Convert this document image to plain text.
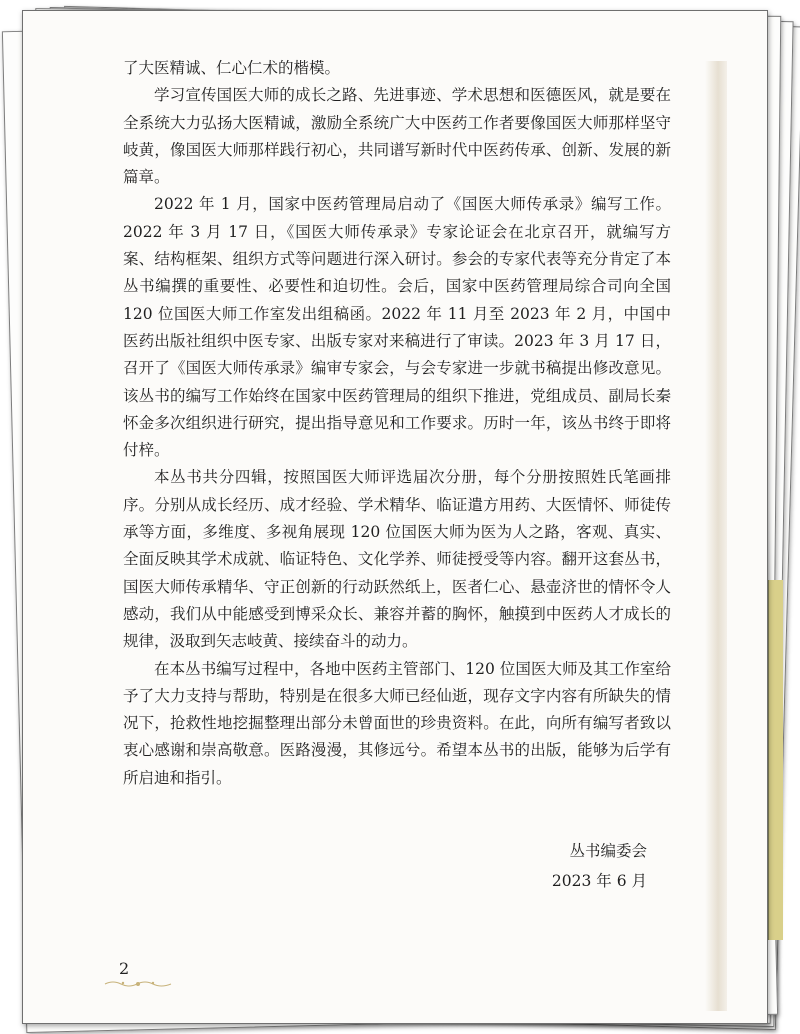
了大医精诚、仁心仁术的楷模。

学习宣传国医大师的成长之路、先进事迹、学术思想和医德医风，就是要在全系统大力弘扬大医精诚，激励全系统广大中医药工作者要像国医大师那样坚守岐黄，像国医大师那样践行初心，共同谱写新时代中医药传承、创新、发展的新篇章。

2022 年 1 月，国家中医药管理局启动了《国医大师传承录》编写工作。2022 年 3 月 17 日，《国医大师传承录》专家论证会在北京召开，就编写方案、结构框架、组织方式等问题进行深入研讨。参会的专家代表等充分肯定了本丛书编撰的重要性、必要性和迫切性。会后，国家中医药管理局综合司向全国 120 位国医大师工作室发出组稿函。2022 年 11 月至 2023 年 2 月，中国中医药出版社组织中医专家、出版专家对来稿进行了审读。2023 年 3 月 17 日，召开了《国医大师传承录》编审专家会，与会专家进一步就书稿提出修改意见。该丛书的编写工作始终在国家中医药管理局的组织下推进，党组成员、副局长秦怀金多次组织进行研究，提出指导意见和工作要求。历时一年，该丛书终于即将付梓。

本丛书共分四辑，按照国医大师评选届次分册，每个分册按照姓氏笔画排序。分别从成长经历、成才经验、学术精华、临证遣方用药、大医情怀、师徒传承等方面，多维度、多视角展现 120 位国医大师为医为人之路，客观、真实、全面反映其学术成就、临证特色、文化学养、师徒授受等内容。翻开这套丛书，国医大师传承精华、守正创新的行动跃然纸上，医者仁心、悬壶济世的情怀令人感动，我们从中能感受到博采众长、兼容并蓄的胸怀，触摸到中医药人才成长的规律，汲取到矢志岐黄、接续奋斗的动力。

在本丛书编写过程中，各地中医药主管部门、120 位国医大师及其工作室给予了大力支持与帮助，特别是在很多大师已经仙逝，现存文字内容有所缺失的情况下，抢救性地挖掘整理出部分未曾面世的珍贵资料。在此，向所有编写者致以衷心感谢和崇高敬意。医路漫漫，其修远兮。希望本丛书的出版，能够为后学有所启迪和指引。

丛书编委会
2023 年 6 月
2
